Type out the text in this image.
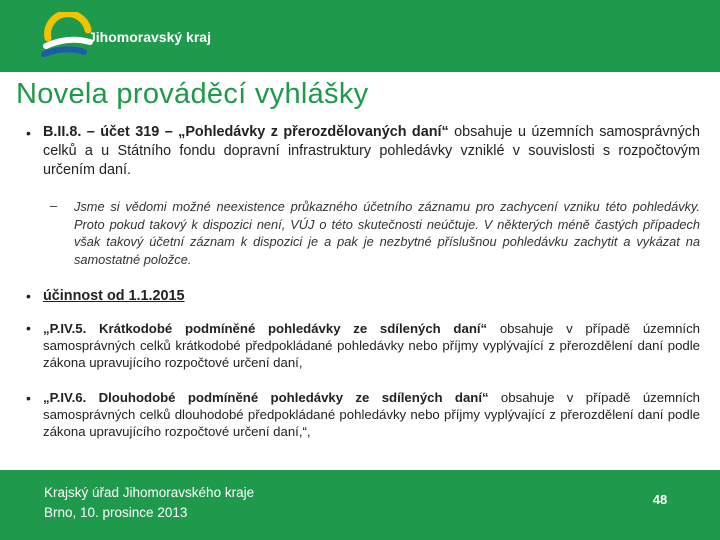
Jihomoravský kraj
Novela prováděcí vyhlášky
• B.II.8. – účet 319 – „Pohledávky z přerozdělovaných daní“ obsahuje u územních samosprávných celků a u Státního fondu dopravní infrastruktury pohledávky vzniklé v souvislosti s rozpočtovým určením daní.
– Jsme si vědomi možné neexistence průkazného účetního záznamu pro zachycení vzniku této pohledávky. Proto pokud takový k dispozici není, VÚJ o této skutečnosti neúčtuje. V některých méně častých případech však takový účetní záznam k dispozici je a pak je nezbytné příslušnou pohledávku zachytit a vykázat na samostatné položce.
• účinnost od 1.1.2015
• „P.IV.5. Krátkodobé podmíněné pohledávky ze sdílených daní“ obsahuje v případě územních samosprávných celků krátkodobé předpokládané pohledávky nebo příjmy vyplývající z přerozdělení daní podle zákona upravujícího rozpočtové určení daní,
• „P.IV.6. Dlouhodobé podmíněné pohledávky ze sdílených daní“ obsahuje v případě územních samosprávných celků dlouhodobé předpokládané pohledávky nebo příjmy vyplývající z přerozdělení daní podle zákona upravujícího rozpočtové určení daní,“,
Krajský úřad Jihomoravského kraje
Brno, 10. prosince 2013
48
